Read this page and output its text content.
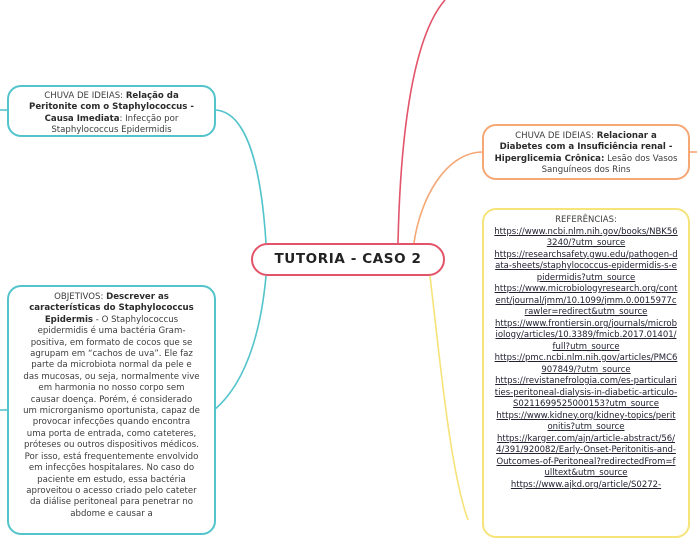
TUTORIA - CASO 2
CHUVA DE IDEIAS: Relação da Peritonite com o Staphylococcus - Causa Imediata: Infecção por Staphylococcus Epidermidis
CHUVA DE IDEIAS: Relacionar a Diabetes com a Insuficiência renal - Hiperglicemia Crônica: Lesão dos Vasos Sanguíneos dos Rins
OBJETIVOS: Descrever as características do Staphylococcus Epidermis - O Staphylococcus epidermidis é uma bactéria Gram-positiva, em formato de cocos que se agrupam em “cachos de uva”. Ele faz parte da microbiota normal da pele e das mucosas, ou seja, normalmente vive em harmonia no nosso corpo sem causar doença. Porém, é considerado um microrganismo oportunista, capaz de provocar infecções quando encontra uma porta de entrada, como cateteres, próteses ou outros dispositivos médicos. Por isso, está frequentemente envolvido em infecções hospitalares. No caso do paciente em estudo, essa bactéria aproveitou o acesso criado pelo cateter da diálise peritoneal para penetrar no abdome e causar a
REFERÊNCIAS:
https://www.ncbi.nlm.nih.gov/books/NBK563240/?utm_source
https://researchsafety.gwu.edu/pathogen-data-sheets/staphylococcus-epidermidis-s-epidermidis?utm_source
https://www.microbiologyresearch.org/content/journal/jmm/10.1099/jmm.0.0015977crawler=redirect&utm_source
https://www.frontiersin.org/journals/microbiology/articles/10.3389/fmicb.2017.01401/full?utm_source
https://pmc.ncbi.nlm.nih.gov/articles/PMC6907849/?utm_source
https://revistanefrologia.com/es-particularities-peritoneal-dialysis-in-diabetic-articulo-S0211699525000153?utm_source
https://www.kidney.org/kidney-topics/peritonitis?utm_source
https://karger.com/ajn/article-abstract/56/4/391/920082/Early-Onset-Peritonitis-and-Outcomes-of-Peritoneal?redirectedFrom=fulltext&utm_source
https://www.ajkd.org/article/S0272-
